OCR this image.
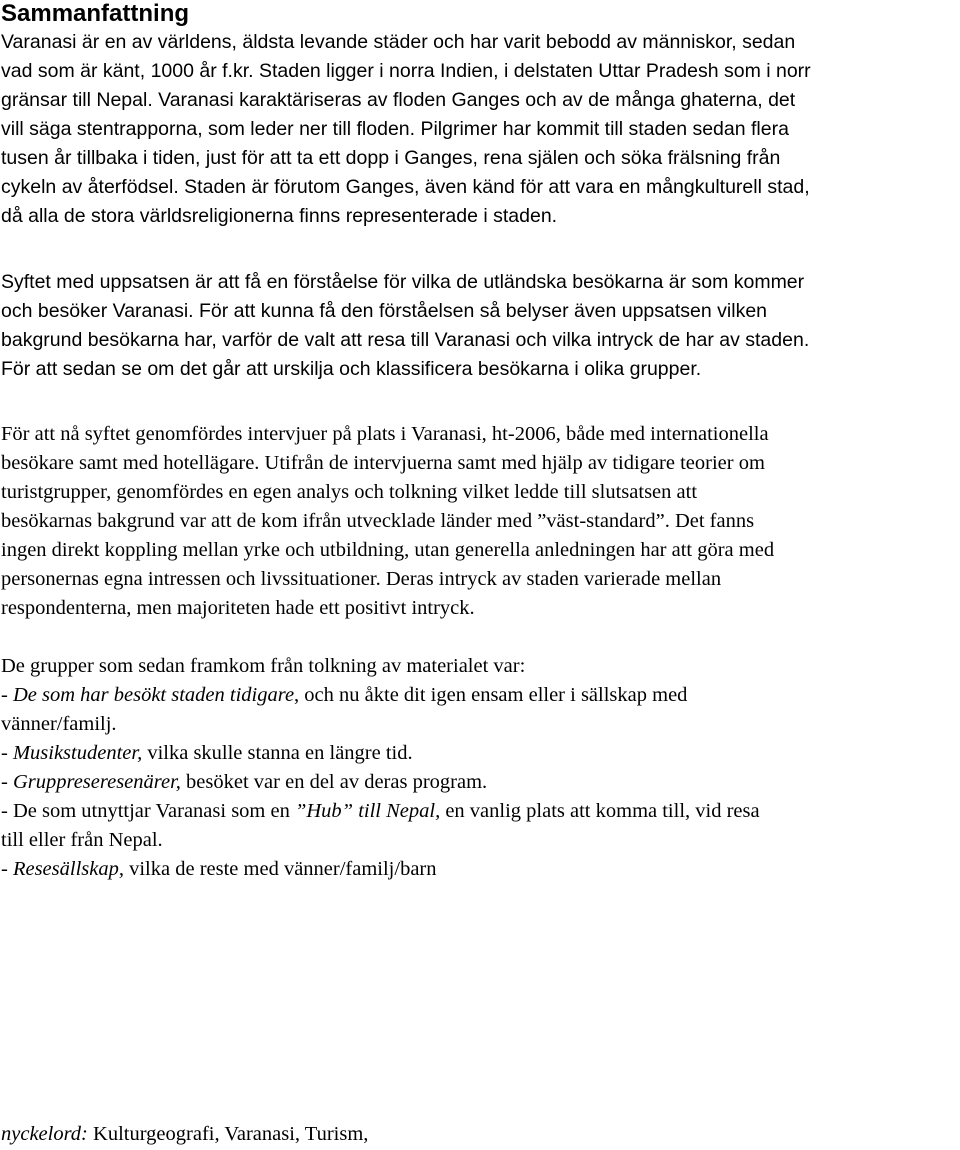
Sammanfattning

Varanasi är en av världens, äldsta levande städer och har varit bebodd av människor, sedan
vad som är känt, 1000 år f.kr. Staden ligger i norra Indien, i delstaten Uttar Pradesh som i norr
gränsar till Nepal. Varanasi karaktäriseras av floden Ganges och av de många ghaterna, det
vill säga stentrapporna, som leder ner till floden. Pilgrimer har kommit till staden sedan flera
tusen år tillbaka i tiden, just för att ta ett dopp i Ganges, rena själen och söka frälsning från
cykeln av återfödsel. Staden är förutom Ganges, även känd för att vara en mångkulturell stad,
då alla de stora världsreligionerna finns representerade i staden.

Syftet med uppsatsen är att få en förståelse för vilka de utländska besökarna är som kommer
och besöker Varanasi. För att kunna få den förståelsen så belyser även uppsatsen vilken
bakgrund besökarna har, varför de valt att resa till Varanasi och vilka intryck de har av staden.
För att sedan se om det går att urskilja och klassificera besökarna i olika grupper.

För att nå syftet genomfördes intervjuer på plats i Varanasi, ht-2006, både med internationella
besökare samt med hotellägare. Utifrån de intervjuerna samt med hjälp av tidigare teorier om
turistgrupper, genomfördes en egen analys och tolkning vilket ledde till slutsatsen att
besökarnas bakgrund var att de kom ifrån utvecklade länder med ”väst-standard”. Det fanns
ingen direkt koppling mellan yrke och utbildning, utan generella anledningen har att göra med
personernas egna intressen och livssituationer. Deras intryck av staden varierade mellan
respondenterna, men majoriteten hade ett positivt intryck.

De grupper som sedan framkom från tolkning av materialet var:
- De som har besökt staden tidigare, och nu åkte dit igen ensam eller i sällskap med
vänner/familj.
- Musikstudenter, vilka skulle stanna en längre tid.
- Gruppreseresenärer, besöket var en del av deras program.
- De som utnyttjar Varanasi som en ”Hub” till Nepal, en vanlig plats att komma till, vid resa
till eller från Nepal.
- Resesällskap, vilka de reste med vänner/familj/barn
nyckelord: Kulturgeografi, Varanasi, Turism,
